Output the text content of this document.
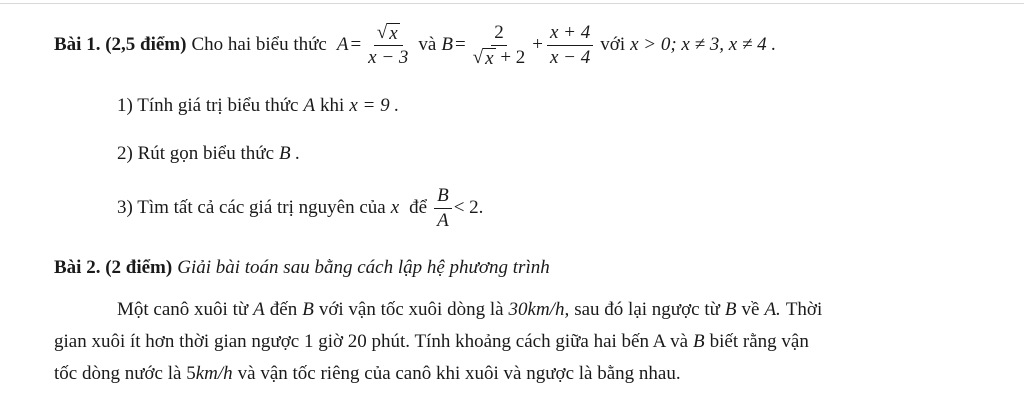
Bài 1. (2,5 điểm) Cho hai biểu thức $A = \frac{√ x}{x - 3}$ và $B = \frac{2}{√ x + 2} + \frac{x + 4}{x - 4}$ với x > 0; x ≠ 3, x ≠ 4 .
1) Tính giá trị biểu thức A khi x = 9 .
2) Rút gọn biểu thức B .
3) Tìm tất cả các giá trị nguyên của x để $\frac{B}{A} < 2$.
Bài 2. (2 điểm) Giải bài toán sau bằng cách lập hệ phương trình
Một canô xuôi từ A đến B với vận tốc xuôi dòng là 30km/h, sau đó lại ngược từ B về A. Thời
gian xuôi ít hơn thời gian ngược 1 giờ 20 phút. Tính khoảng cách giữa hai bến A và B biết rằng vận
tốc dòng nước là 5 km/h và vận tốc riêng của canô khi xuôi và ngược là bằng nhau.
